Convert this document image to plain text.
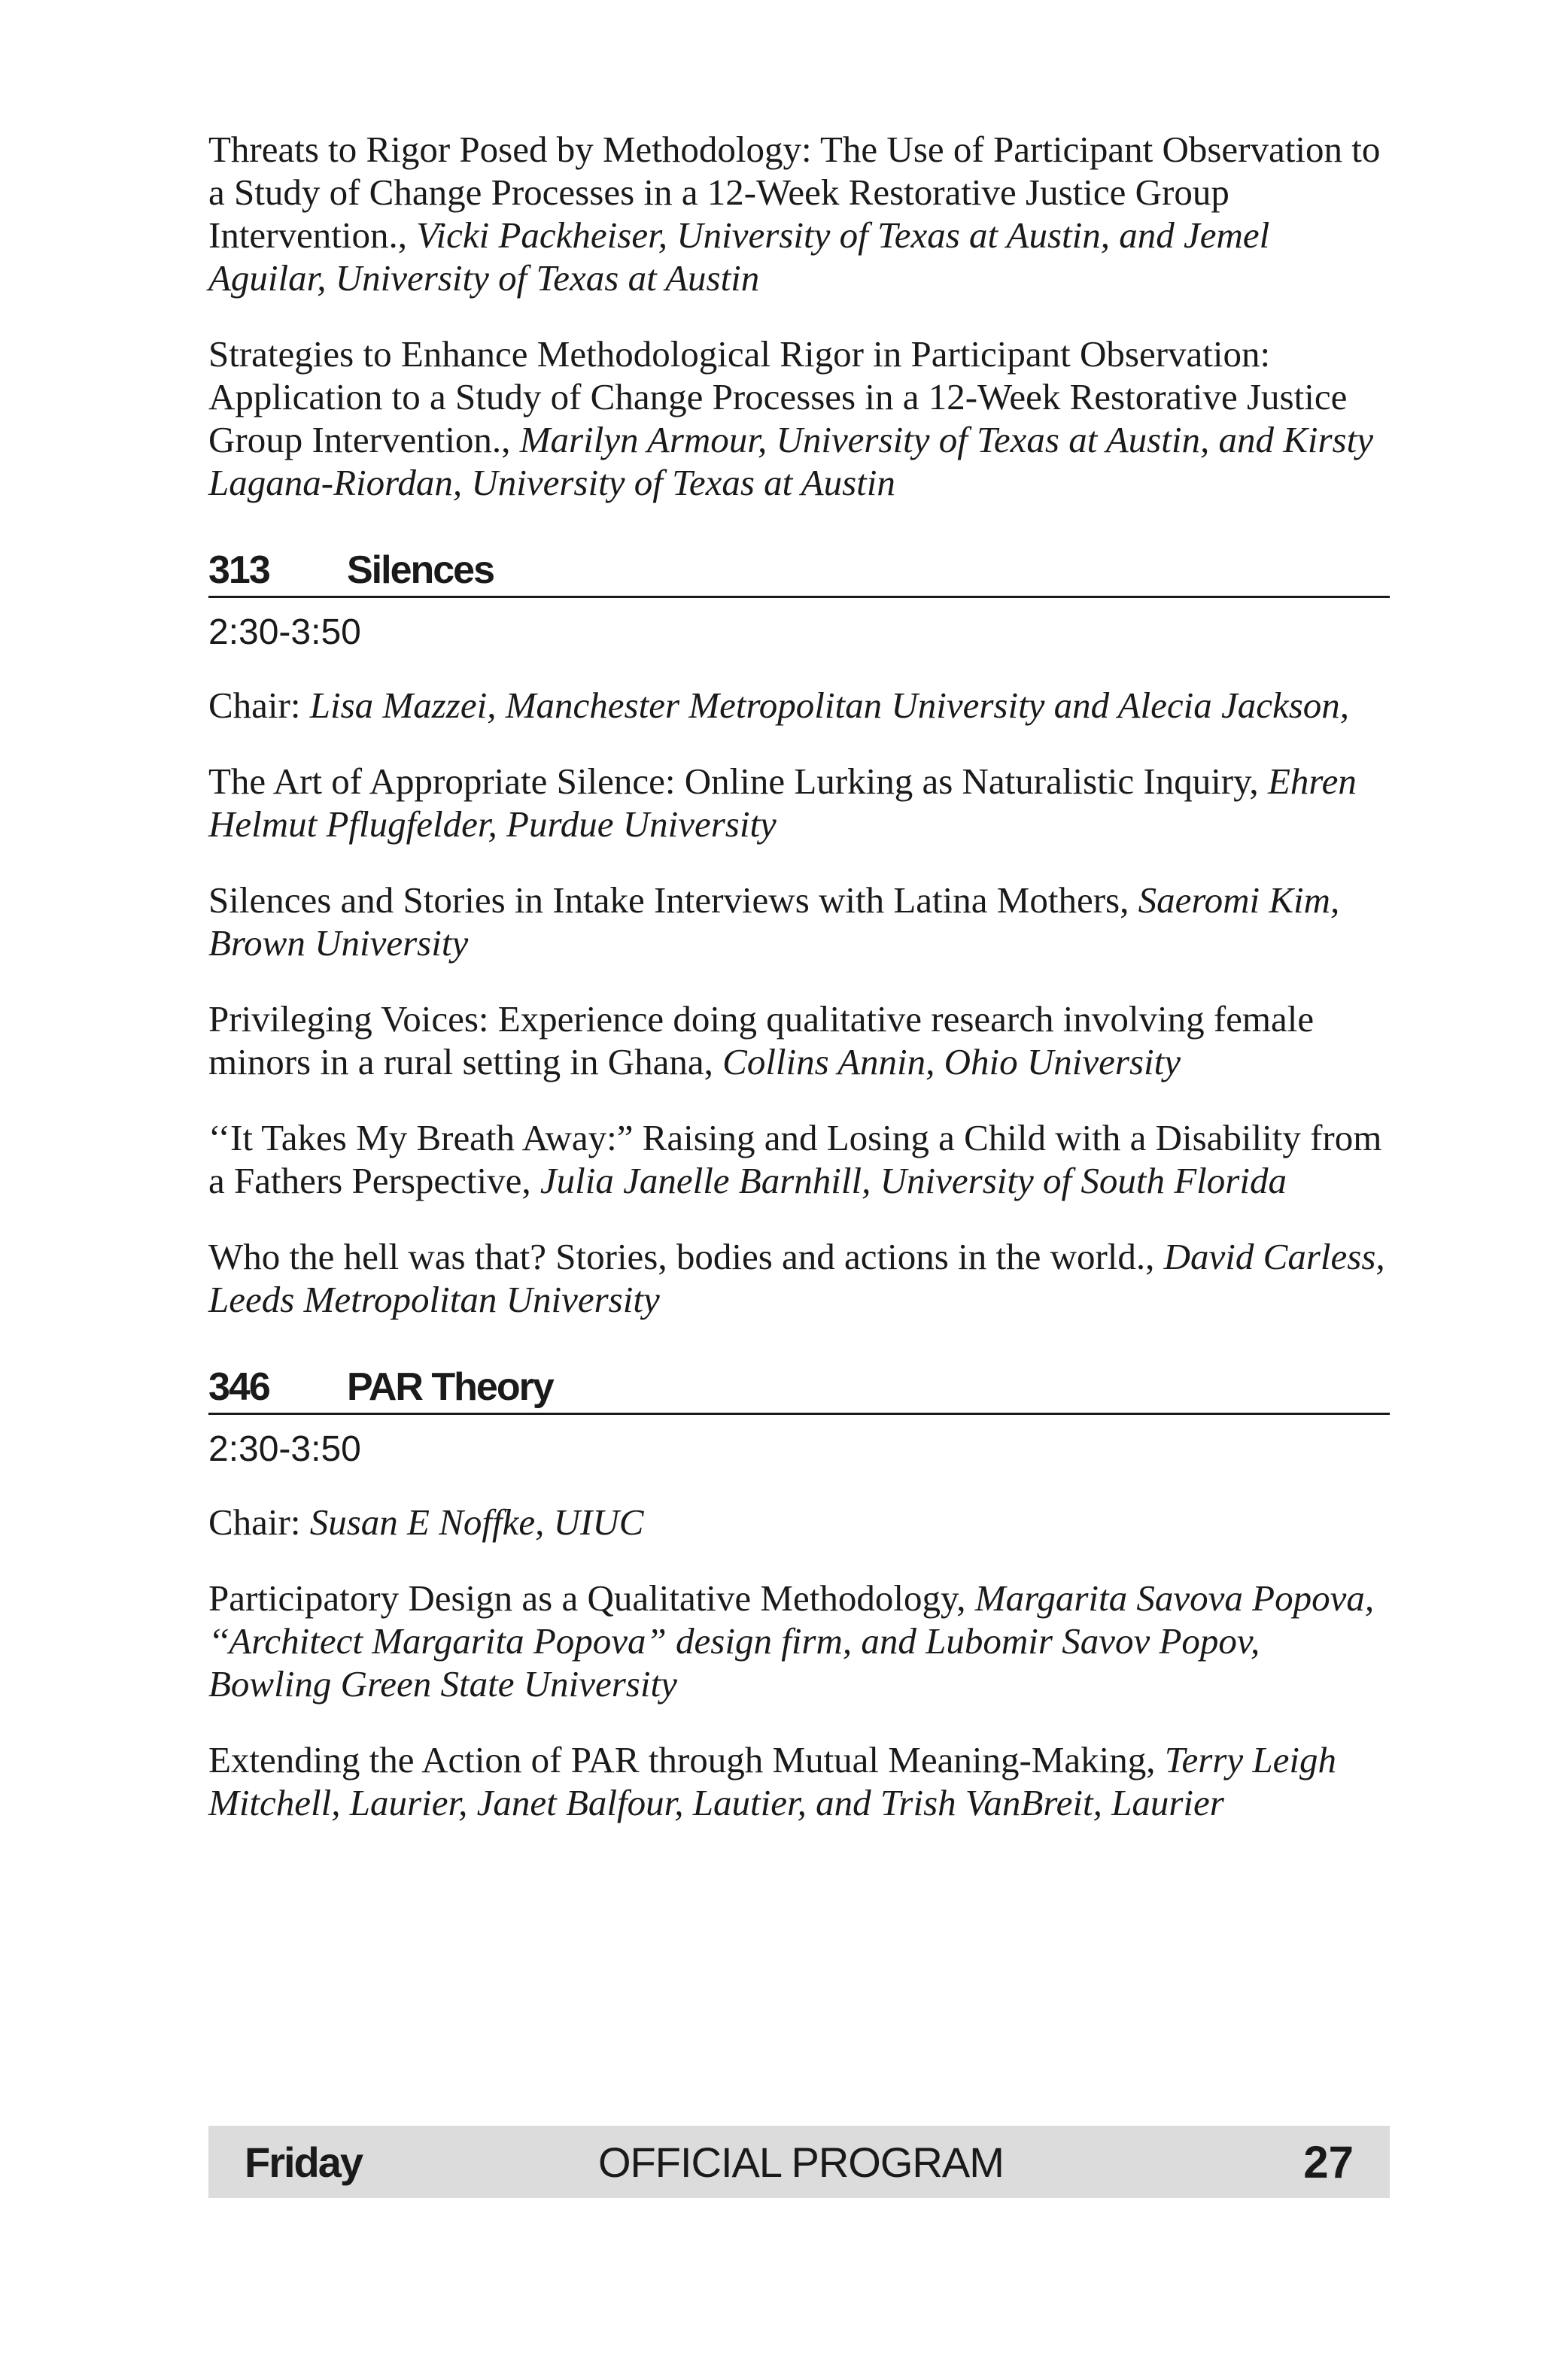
Threats to Rigor Posed by Methodology: The Use of Participant Observation to a Study of Change Processes in a 12-Week Restorative Justice Group Intervention., Vicki Packheiser, University of Texas at Austin, and Jemel Aguilar, University of Texas at Austin

Strategies to Enhance Methodological Rigor in Participant Observation: Application to a Study of Change Processes in a 12-Week Restorative Justice Group Intervention., Marilyn Armour, University of Texas at Austin, and Kirsty Lagana-Riordan, University of Texas at Austin

313	Silences
2:30-3:50

Chair: Lisa Mazzei, Manchester Metropolitan University and Alecia Jackson,

The Art of Appropriate Silence: Online Lurking as Naturalistic Inquiry, Ehren Helmut Pflugfelder, Purdue University

Silences and Stories in Intake Interviews with Latina Mothers, Saeromi Kim, Brown University

Privileging Voices: Experience doing qualitative research involving female minors in a rural setting in Ghana, Collins Annin, Ohio University

‘‘It Takes My Breath Away:” Raising and Losing a Child with a Disability from a Fathers Perspective, Julia Janelle Barnhill, University of South Florida

Who the hell was that? Stories, bodies and actions in the world., David Carless, Leeds Metropolitan University

346	PAR Theory
2:30-3:50

Chair: Susan E Noffke, UIUC

Participatory Design as a Qualitative Methodology, Margarita Savova Popova, ‘‘Architect Margarita Popova” design firm, and Lubomir Savov Popov, Bowling Green State University

Extending the Action of PAR through Mutual Meaning-Making, Terry Leigh Mitchell, Laurier, Janet Balfour, Lautier, and Trish VanBreit, Laurier

Friday	OFFICIAL PROGRAM	27
